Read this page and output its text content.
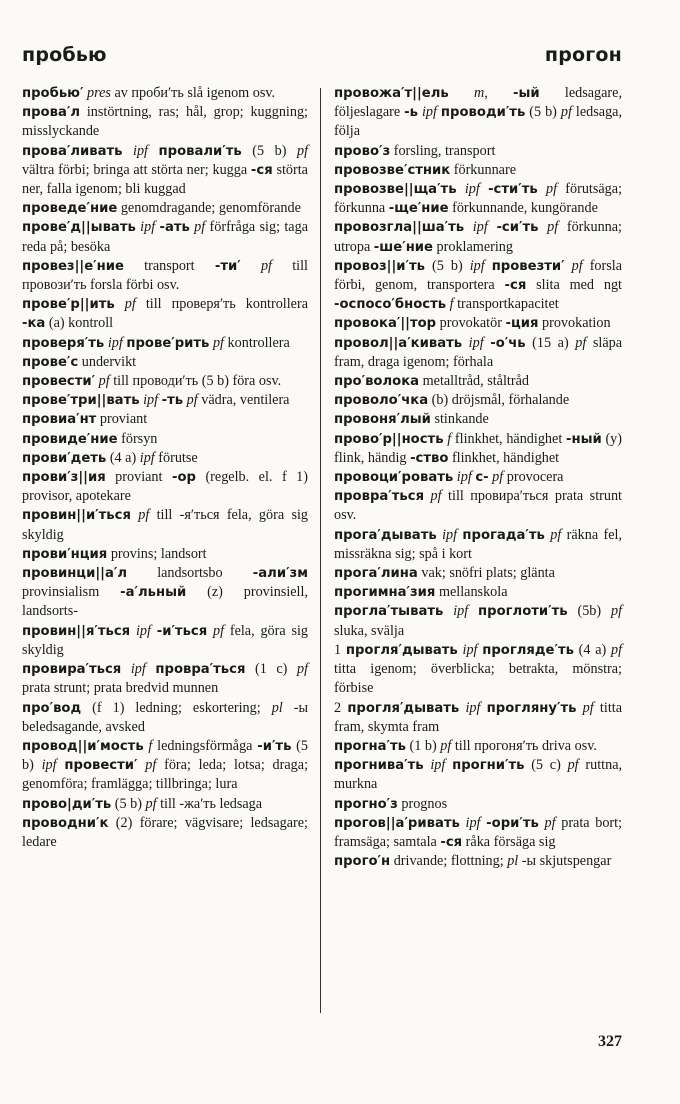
пробью	прогон

пробью′ pres av проби′ть slå igenom osv.

прова′л instörtning, ras; hål, grop; kuggning; misslyckande

прова′ливать ipf провали′ть (5 b) pf vältra förbi; bringa att störta ner; kugga -ся störta ner, falla igenom; bli kuggad

проведе′ние genomdragande; genomförande

прове′д||ывать ipf -ать pf förfråga sig; taga reda på; besöka

провез||е′ние transport -ти′ pf till провози′ть forsla förbi osv.

прове′р||ить pf till проверя′ть kontrollera -ка (a) kontroll

проверя′ть ipf прове′рить pf kontrollera

прове′с undervikt

провести′ pf till проводи′ть (5 b) föra osv.

прове′три||вать ipf -ть pf vädra, ventilera

провиа′нт proviant

провиде′ние försyn

прови′деть (4 a) ipf förutse

прови′з||ия proviant -ор (regelb. el. f 1) provisor, apotekare

провин||и′ться pf till -я′ться fela, göra sig skyldig

прови′нция provins; landsort

провинци||а′л landsortsbo -али′зм provinsialism -а′льный (z) provinsiell, landsorts-

провин||я′ться ipf -и′ться pf fela, göra sig skyldig

провира′ться ipf проврa′ться (1 c) pf prata strunt; prata bredvid munnen

про′вод (f 1) ledning; eskortering; pl -ы beledsagande, avsked

провод||и′мость f ledningsförmåga -и′ть (5 b) ipf провести′ pf föra; leda; lotsa; draga; genomföra; framlägga; tillbringa; lura

прово|ди′ть (5 b) pf till -жа′ть ledsaga

проводни′к (2) förare; vägvisare; ledsagare; ledare

провожа′т||ель m, -ый ledsagare, följeslagare -ь ipf проводи′ть (5 b) pf ledsaga, följa

прово′з forsling, transport

провозве′стник förkunnare

провозве||ща′ть ipf -сти′ть pf förutsäga; förkunna -ще′ние förkunnande, kungörande

провозгла||ша′ть ipf -си′ть pf förkunna; utropa -ше′ние proklamering

провоз||и′ть (5 b) ipf провезти′ pf forsla förbi, genom, transportera -ся slita med ngt -оспосо′бность f transportkapacitet

провока′||тор provokatör -ция provokation

провол||а′кивать ipf -о′чь (15 a) pf släpa fram, draga igenom; förhala

про′волока metalltråd, ståltråd

проволо′чка (b) dröjsmål, förhalande

провоня′лый stinkande

прово′р||ность f flinkhet, händighet -ный (y) flink, händig -ство flinkhet, händighet

провоци′ровать ipf с- pf provocera

провра′ться pf till провира′ться prata strunt osv.

прога′дывать ipf прогада′ть pf räkna fel, missräkna sig; spå i kort

прога′лина vak; snöfri plats; glänta

прогимна′зия mellanskola

прогла′тывать ipf проглоти′ть (5b) pf sluka, svälja

1 прогля′дывать ipf проглядe′ть (4 a) pf titta igenom; överblicka; betrakta, mönstra; förbise

2 прогля′дывать ipf прогляну′ть pf titta fram, skymta fram

прогна′ть (1 b) pf till прогоня′ть driva osv.

прогнива′ть ipf прогни′ть (5 c) pf ruttna, murkna

прогно′з prognos

прогов||а′ривать ipf -ори′ть pf prata bort; framsäga; samtala -ся råka försäga sig

прого′н drivande; flottning; pl -ы skjutspengar

327
